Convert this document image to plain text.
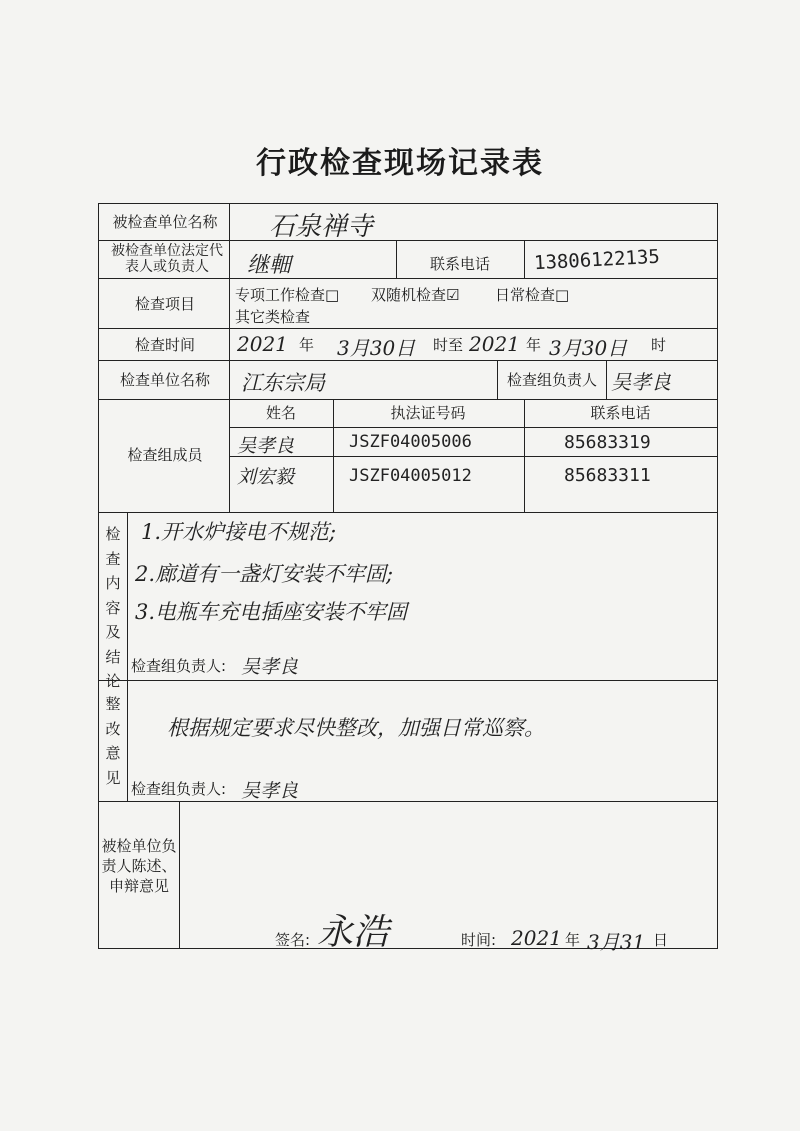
行政检查现场记录表
被检查单位名称	石泉禅寺
被检查单位法定代表人或负责人	继䡒	联系电话	13806122135
检查项目	专项工作检查□ 双随机检查☑ 日常检查□
其它类检查
检查时间	2021 年 3月30日 时至 2021 年 3月30日 时
检查单位名称	江东宗局	检查组负责人 吴孝良
检查组成员
姓名	执法证号码	联系电话
吴孝良	JSZF04005006	85683319
刘宏毅	JSZF04005012	85683311
检查内容及结论
1.开水炉接电不规范;
2.廊道有一盏灯安装不牢固;
3.电瓶车充电插座安装不牢固
检查组负责人: 吴孝良
整改意见
根据规定要求尽快整改，加强日常巡察。
检查组负责人: 吴孝良
被检单位负责人陈述、申辩意见
签名: 永浩	时间: 2021 年 3月31 日
